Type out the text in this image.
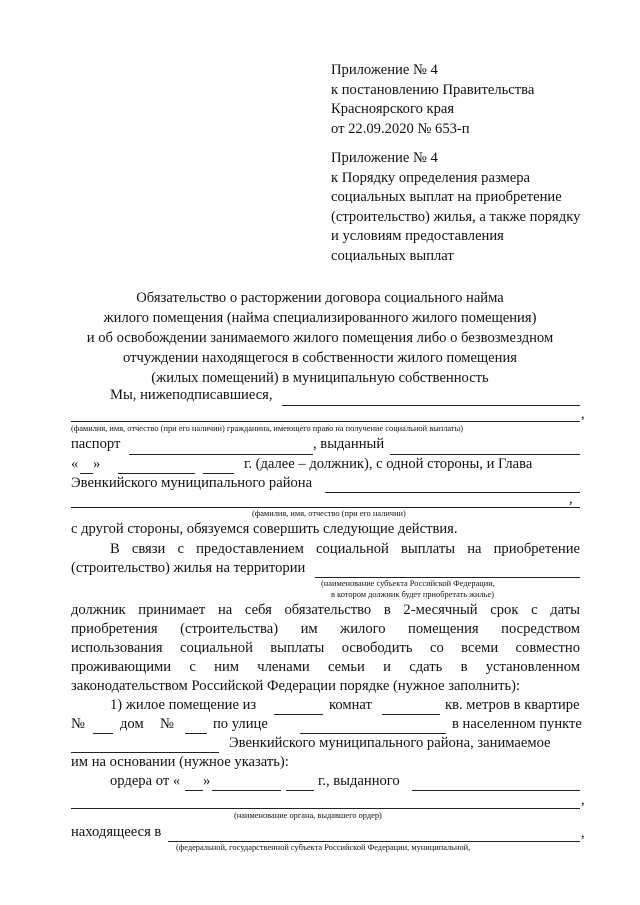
Приложение № 4
к постановлению Правительства
Красноярского края
от 22.09.2020 № 653-п
Приложение № 4
к Порядку определения размера
социальных выплат на приобретение
(строительство) жилья, а также порядку
и условиям предоставления
социальных выплат
Обязательство о расторжении договора социального найма
жилого помещения (найма специализированного жилого помещения)
и об освобождении занимаемого жилого помещения либо о безвозмездном
отчуждении находящегося в собственности жилого помещения
(жилых помещений) в муниципальную собственность
Мы, нижеподписавшиеся,
,
(фамилия, имя, отчество (при его наличии) гражданина, имеющего право на получение социальной выплаты)
паспорт	, выданный
« »	г. (далее – должник), с одной стороны, и Глава
Эвенкийского муниципального района
,
(фамилия, имя, отчество (при его наличии)
с другой стороны, обязуемся совершить следующие действия.
В связи с предоставлением социальной выплаты на приобретение
(строительство) жилья на территории
(наименование субъекта Российской Федерации,
в котором должник будет приобретать жилье)
должник принимает на себя обязательство в 2-месячный срок с даты
приобретения (строительства) им жилого помещения посредством
использования социальной выплаты освободить со всеми совместно
проживающими с ним членами семьи и сдать в установленном
законодательством Российской Федерации порядке (нужное заполнить):
1) жилое помещение из	комнат	кв. метров в квартире
№ дом №	по улице	в населенном пункте
Эвенкийского муниципального района, занимаемое
им на основании (нужное указать):
ордера от « »	г., выданного
,
(наименование органа, выдавшего ордер)
находящееся в	,
(федеральной, государственной субъекта Российской Федерации, муниципальной,
